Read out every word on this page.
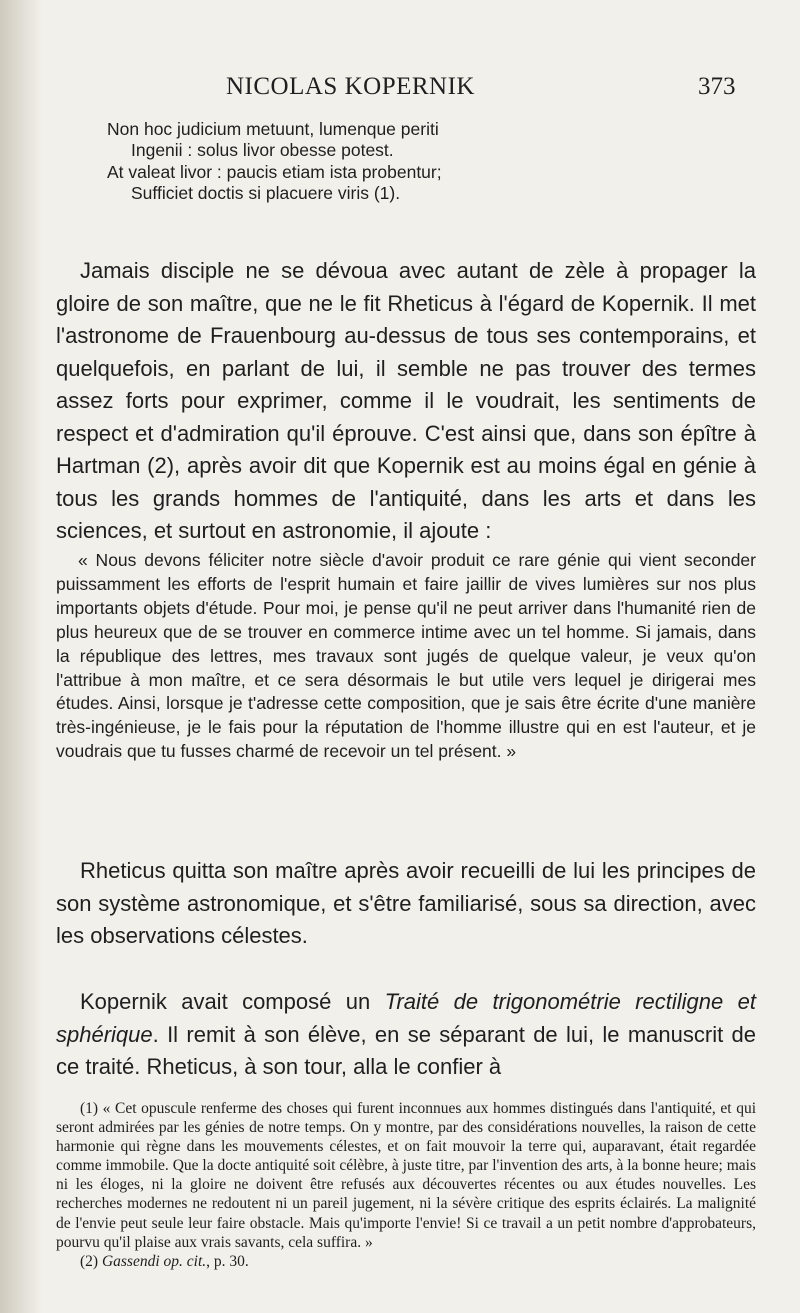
NICOLAS KOPERNIK	373
Non hoc judicium metuunt, lumenque periti
Ingenii : solus livor obesse potest.
At valeat livor : paucis etiam ista probentur;
Sufficiet doctis si placuere viris (1).

Jamais disciple ne se dévoua avec autant de zèle à propager la gloire de son maître, que ne le fit Rheticus à l'égard de Kopernik. Il met l'astronome de Frauenbourg au-dessus de tous ses contemporains, et quelquefois, en parlant de lui, il semble ne pas trouver des termes assez forts pour exprimer, comme il le voudrait, les sentiments de respect et d'admiration qu'il éprouve. C'est ainsi que, dans son épître à Hartman (2), après avoir dit que Kopernik est au moins égal en génie à tous les grands hommes de l'antiquité, dans les arts et dans les sciences, et surtout en astronomie, il ajoute :

« Nous devons féliciter notre siècle d'avoir produit ce rare génie qui vient seconder puissamment les efforts de l'esprit humain et faire jaillir de vives lumières sur nos plus importants objets d'étude. Pour moi, je pense qu'il ne peut arriver dans l'humanité rien de plus heureux que de se trouver en commerce intime avec un tel homme. Si jamais, dans la république des lettres, mes travaux sont jugés de quelque valeur, je veux qu'on l'attribue à mon maître, et ce sera désormais le but utile vers lequel je dirigerai mes études. Ainsi, lorsque je t'adresse cette composition, que je sais être écrite d'une manière très-ingénieuse, je le fais pour la réputation de l'homme illustre qui en est l'auteur, et je voudrais que tu fusses charmé de recevoir un tel présent. »

Rheticus quitta son maître après avoir recueilli de lui les principes de son système astronomique, et s'être familiarisé, sous sa direction, avec les observations célestes.

Kopernik avait composé un Traité de trigonométrie rectiligne et sphérique. Il remit à son élève, en se séparant de lui, le manuscrit de ce traité. Rheticus, à son tour, alla le confier à

(1) « Cet opuscule renferme des choses qui furent inconnues aux hommes distingués dans l'antiquité, et qui seront admirées par les génies de notre temps. On y montre, par des considérations nouvelles, la raison de cette harmonie qui règne dans les mouvements célestes, et on fait mouvoir la terre qui, auparavant, était regardée comme immobile. Que la docte antiquité soit célèbre, à juste titre, par l'invention des arts, à la bonne heure; mais ni les éloges, ni la gloire ne doivent être refusés aux découvertes récentes ou aux études nouvelles. Les recherches modernes ne redoutent ni un pareil jugement, ni la sévère critique des esprits éclairés. La malignité de l'envie peut seule leur faire obstacle. Mais qu'importe l'envie! Si ce travail a un petit nombre d'approbateurs, pourvu qu'il plaise aux vrais savants, cela suffira. »

(2) Gassendi op. cit., p. 30.
